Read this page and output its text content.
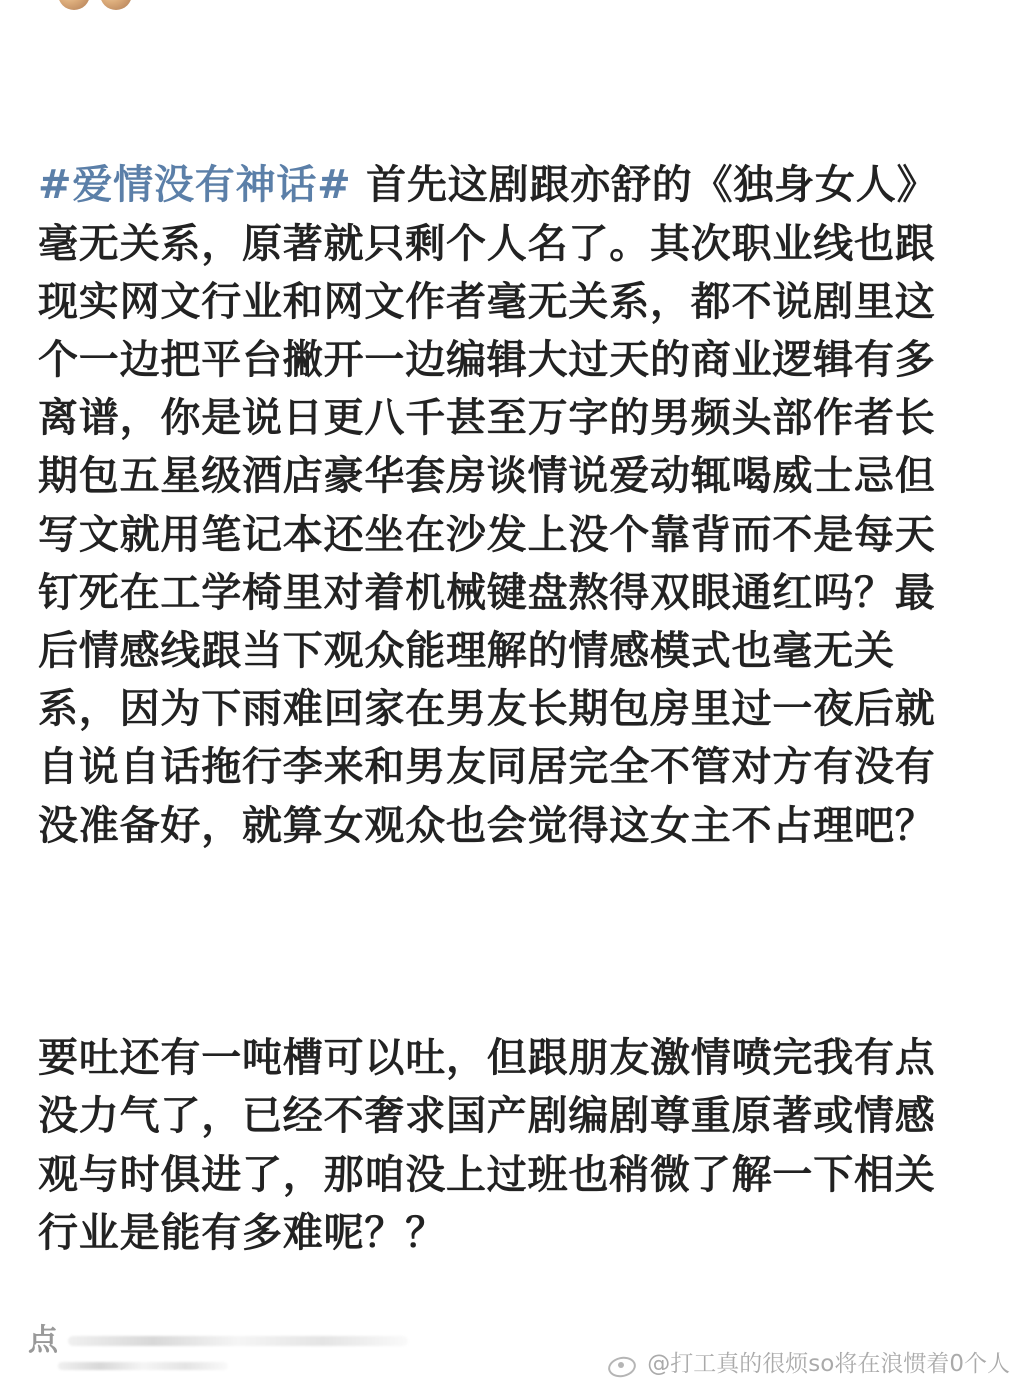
#爱情没有神话# 首先这剧跟亦舒的《独身女人》毫无关系，原著就只剩个人名了。其次职业线也跟现实网文行业和网文作者毫无关系，都不说剧里这个一边把平台撇开一边编辑大过天的商业逻辑有多离谱，你是说日更八千甚至万字的男频头部作者长期包五星级酒店豪华套房谈情说爱动辄喝威士忌但写文就用笔记本还坐在沙发上没个靠背而不是每天钉死在工学椅里对着机械键盘熬得双眼通红吗？最后情感线跟当下观众能理解的情感模式也毫无关系，因为下雨难回家在男友长期包房里过一夜后就自说自话拖行李来和男友同居完全不管对方有没有没准备好，就算女观众也会觉得这女主不占理吧？

要吐还有一吨槽可以吐，但跟朋友激情喷完我有点没力气了，已经不奢求国产剧编剧尊重原著或情感观与时俱进了，那咱没上过班也稍微了解一下相关行业是能有多难呢？？

点
@打工真的很烦so将在浪惯着0个人
